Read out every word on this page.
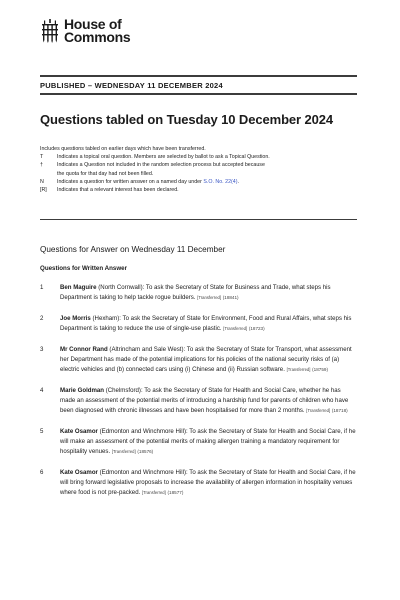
House of
Commons
PUBLISHED – WEDNESDAY 11 DECEMBER 2024
Questions tabled on Tuesday 10 December 2024
Includes questions tabled on earlier days which have been transferred.
T	Indicates a topical oral question. Members are selected by ballot to ask a Topical Question.
†	Indicates a Question not included in the random selection process but accepted because the quota for that day had not been filled.
N	Indicates a question for written answer on a named day under S.O. No. 22(4).
[R]	Indicates that a relevant interest has been declared.
Questions for Answer on Wednesday 11 December
Questions for Written Answer
1	Ben Maguire (North Cornwall): To ask the Secretary of State for Business and Trade, what steps his Department is taking to help tackle rogue builders. [Transferred] (18841)
2	Joe Morris (Hexham): To ask the Secretary of State for Environment, Food and Rural Affairs, what steps his Department is taking to reduce the use of single-use plastic. [Transferred] (18723)
3	Mr Connor Rand (Altrincham and Sale West): To ask the Secretary of State for Transport, what assessment her Department has made of the potential implications for his policies of the national security risks of (a) electric vehicles and (b) connected cars using (i) Chinese and (ii) Russian software. [Transferred] (18759)
4	Marie Goldman (Chelmsford): To ask the Secretary of State for Health and Social Care, whether he has made an assessment of the potential merits of introducing a hardship fund for parents of children who have been diagnosed with chronic illnesses and have been hospitalised for more than 2 months. [Transferred] (18718)
5	Kate Osamor (Edmonton and Winchmore Hill): To ask the Secretary of State for Health and Social Care, if he will make an assessment of the potential merits of making allergen training a mandatory requirement for hospitality venues. [Transferred] (18576)
6	Kate Osamor (Edmonton and Winchmore Hill): To ask the Secretary of State for Health and Social Care, if he will bring forward legislative proposals to increase the availability of allergen information in hospitality venues where food is not pre-packed. [Transferred] (18577)
